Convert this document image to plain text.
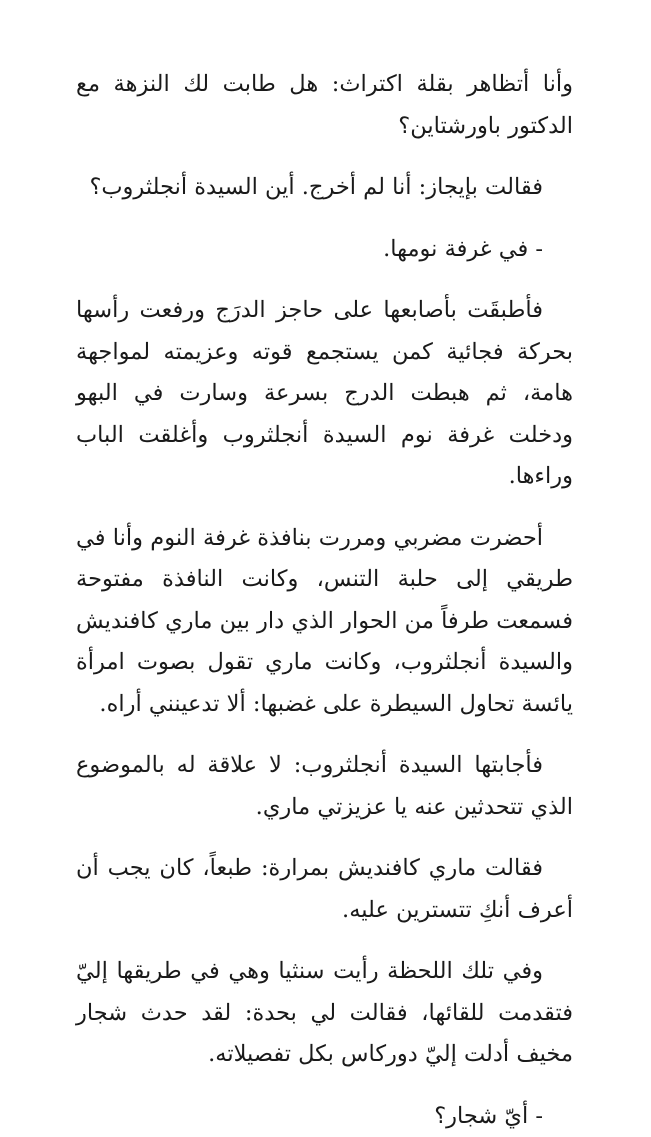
وأنا أتظاهر بقلة اكتراث: هل طابت لك النزهة مع الدكتور باورشتاين؟

فقالت بإيجاز: أنا لم أخرج. أين السيدة أنجلثروب؟

- في غرفة نومها.

فأطبقَت بأصابعها على حاجز الدرَج ورفعت رأسها بحركة فجائية كمن يستجمع قوته وعزيمته لمواجهة هامة، ثم هبطت الدرج بسرعة وسارت في البهو ودخلت غرفة نوم السيدة أنجلثروب وأغلقت الباب وراءها.

أحضرت مضربي ومررت بنافذة غرفة النوم وأنا في طريقي إلى حلبة التنس، وكانت النافذة مفتوحة فسمعت طرفاً من الحوار الذي دار بين ماري كافنديش والسيدة أنجلثروب، وكانت ماري تقول بصوت امرأة يائسة تحاول السيطرة على غضبها: ألا تدعينني أراه.

فأجابتها السيدة أنجلثروب: لا علاقة له بالموضوع الذي تتحدثين عنه يا عزيزتي ماري.

فقالت ماري كافنديش بمرارة: طبعاً، كان يجب أن أعرف أنكِ تتسترين عليه.

وفي تلك اللحظة رأيت سنثيا وهي في طريقها إليّ فتقدمت للقائها، فقالت لي بحدة: لقد حدث شجار مخيف أدلت إليّ دوركاس بكل تفصيلاته.

- أيّ شجار؟
